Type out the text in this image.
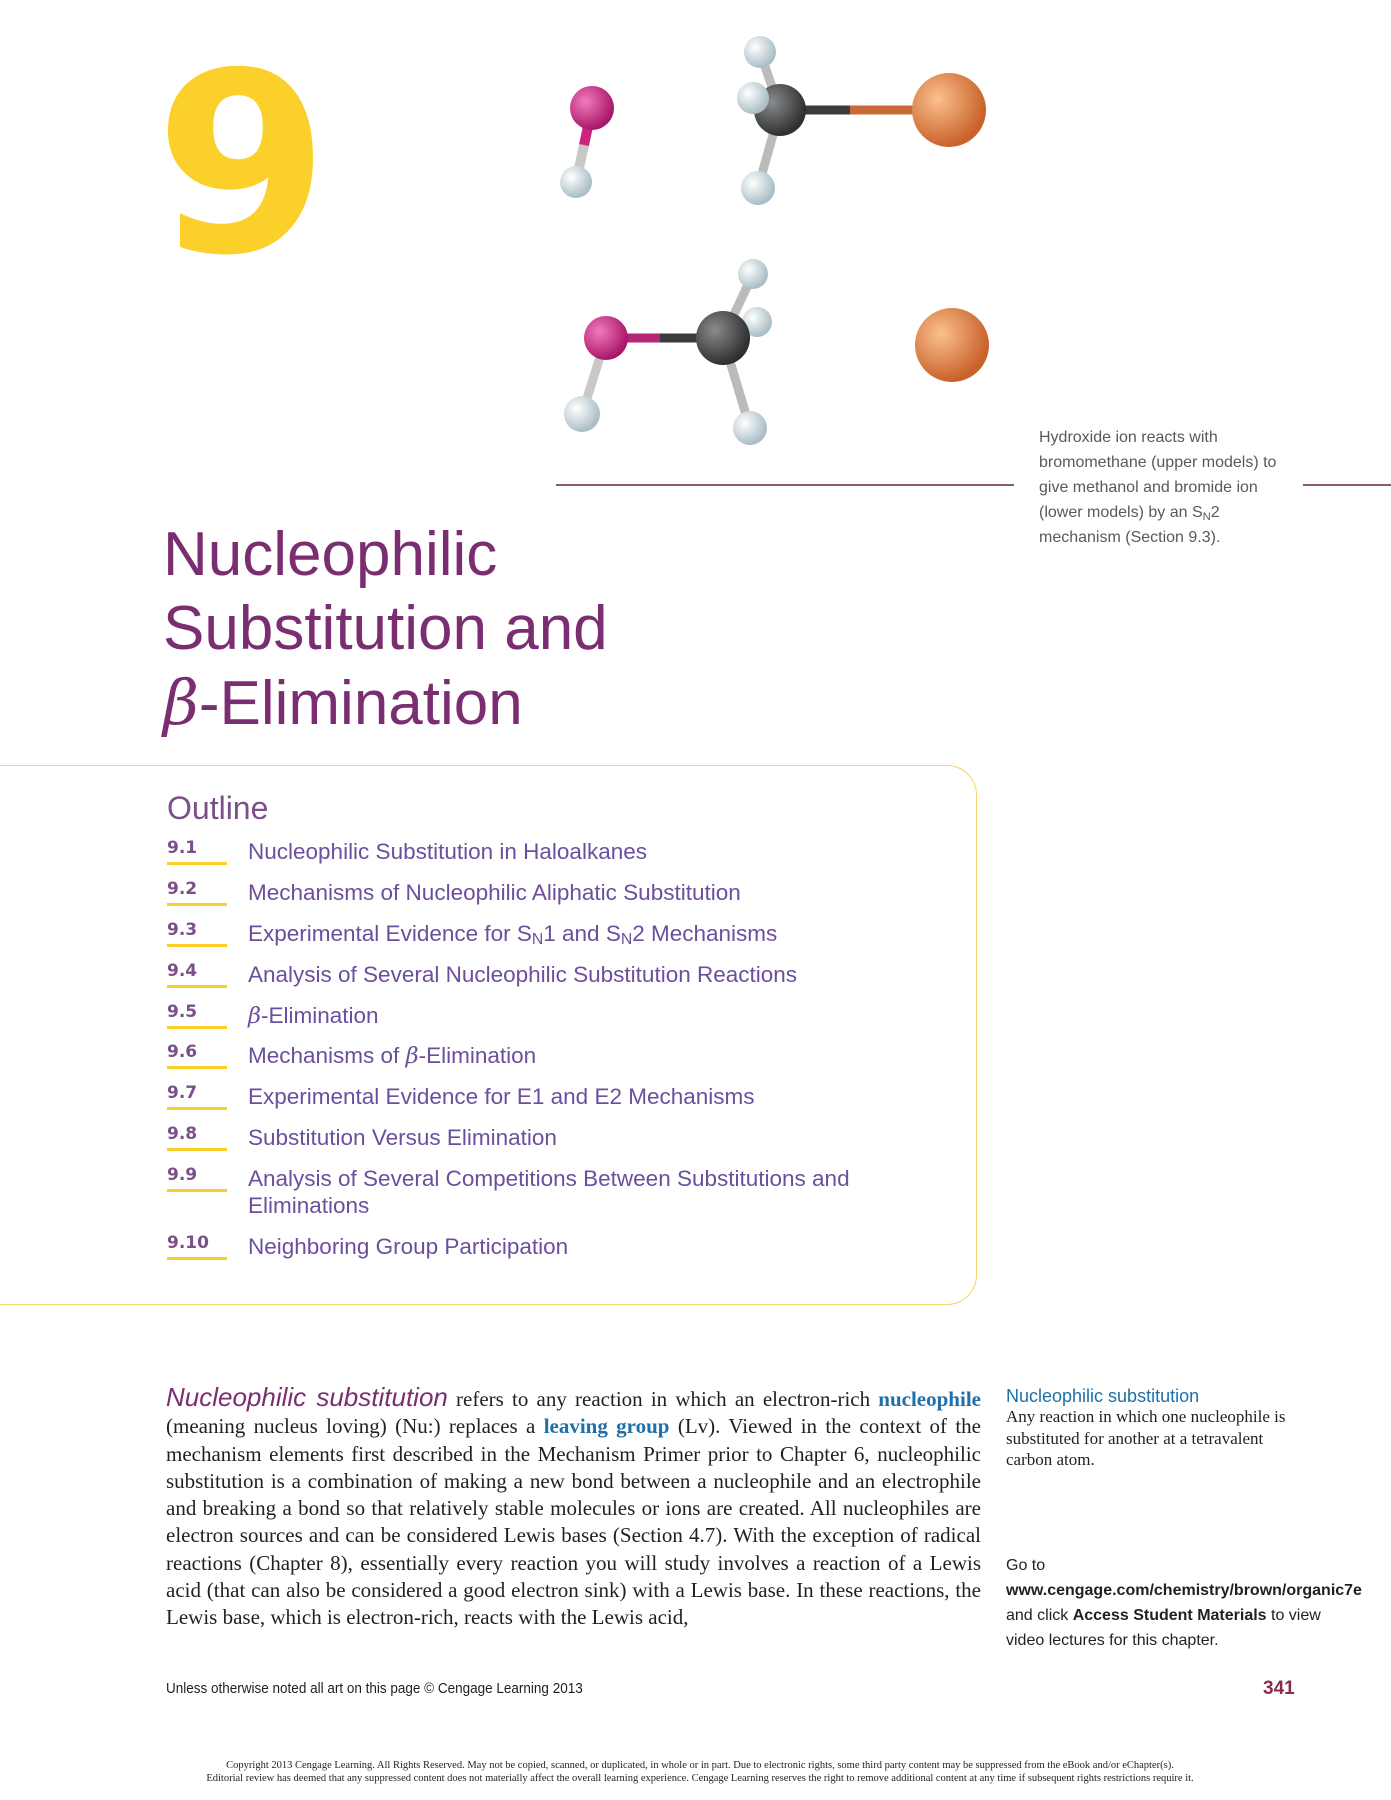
9
Hydroxide ion reacts with bromomethane (upper models) to give methanol and bromide ion (lower models) by an $S_N2$ mechanism (Section 9.3).
Nucleophilic
Substitution and
β-Elimination
Outline
9.1	Nucleophilic Substitution in Haloalkanes
9.2	Mechanisms of Nucleophilic Aliphatic Substitution
9.3	Experimental Evidence for $S_N1$ and $S_N2$ Mechanisms
9.4	Analysis of Several Nucleophilic Substitution Reactions
9.5	β-Elimination
9.6	Mechanisms of β-Elimination
9.7	Experimental Evidence for E1 and E2 Mechanisms
9.8	Substitution Versus Elimination
9.9	Analysis of Several Competitions Between Substitutions and Eliminations
9.10	Neighboring Group Participation

Nucleophilic substitution refers to any reaction in which an electron-rich nucleophile (meaning nucleus loving) (Nu:) replaces a leaving group (Lv). Viewed in the context of the mechanism elements first described in the Mechanism Primer prior to Chapter 6, nucleophilic substitution is a combination of making a new bond between a nucleophile and an electrophile and breaking a bond so that relatively stable molecules or ions are created. All nucleophiles are electron sources and can be considered Lewis bases (Section 4.7). With the exception of radical reactions (Chapter 8), essentially every reaction you will study involves a reaction of a Lewis acid (that can also be considered a good electron sink) with a Lewis base. In these reactions, the Lewis base, which is electron-rich, reacts with the Lewis acid,

Nucleophilic substitution
Any reaction in which one nucleophile is substituted for another at a tetravalent carbon atom.
Go to www.cengage.com/chemistry/brown/organic7e and click Access Student Materials to view video lectures for this chapter.
Unless otherwise noted all art on this page © Cengage Learning 2013	341
Copyright 2013 Cengage Learning. All Rights Reserved. May not be copied, scanned, or duplicated, in whole or in part. Due to electronic rights, some third party content may be suppressed from the eBook and/or eChapter(s).
Editorial review has deemed that any suppressed content does not materially affect the overall learning experience. Cengage Learning reserves the right to remove additional content at any time if subsequent rights restrictions require it.
